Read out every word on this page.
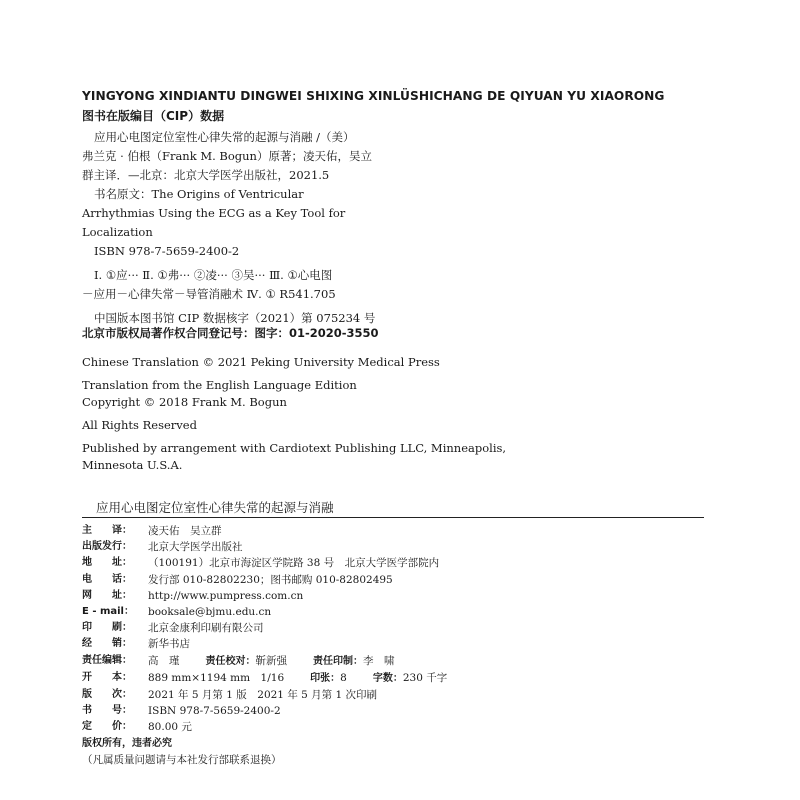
YINGYONG XINDIANTU DINGWEI SHIXING XINLÜSHICHANG DE QIYUAN YU XIAORONG
图书在版编目（CIP）数据
应用心电图定位室性心律失常的起源与消融 /（美）
弗兰克 · 伯根（Frank M. Bogun）原著；凌天佑，吴立
群主译．—北京：北京大学医学出版社，2021.5
书名原文：The Origins of Ventricular
Arrhythmias Using the ECG as a Key Tool for
Localization
ISBN 978-7-5659-2400-2
Ⅰ. ①应··· Ⅱ. ①弗··· ②凌··· ③吴··· Ⅲ. ①心电图
－应用－心律失常－导管消融术 Ⅳ. ① R541.705
中国版本图书馆 CIP 数据核字（2021）第 075234 号
北京市版权局著作权合同登记号：图字：01-2020-3550
Chinese Translation © 2021 Peking University Medical Press
Translation from the English Language Edition
Copyright © 2018 Frank M. Bogun
All Rights Reserved
Published by arrangement with Cardiotext Publishing LLC, Minneapolis,
Minnesota U.S.A.
应用心电图定位室性心律失常的起源与消融
主　　译：	凌天佑　吴立群
出版发行：	北京大学医学出版社
地　　址：	（100191）北京市海淀区学院路 38 号　北京大学医学部院内
电　　话：	发行部 010-82802230；图书邮购 010-82802495
网　　址：	http://www.pumpress.com.cn
E - mail：	booksale@bjmu.edu.cn
印　　刷：	北京金康利印刷有限公司
经　　销：	新华书店
责任编辑：	高　瑾	责任校对：靳新强	责任印制：李　啸
开　　本：	889 mm×1194 mm　1/16	印张：8	字数：230 千字
版　　次：	2021 年 5 月第 1 版　2021 年 5 月第 1 次印刷
书　　号：	ISBN 978-7-5659-2400-2
定　　价：	80.00 元
版权所有，违者必究
（凡属质量问题请与本社发行部联系退换）
